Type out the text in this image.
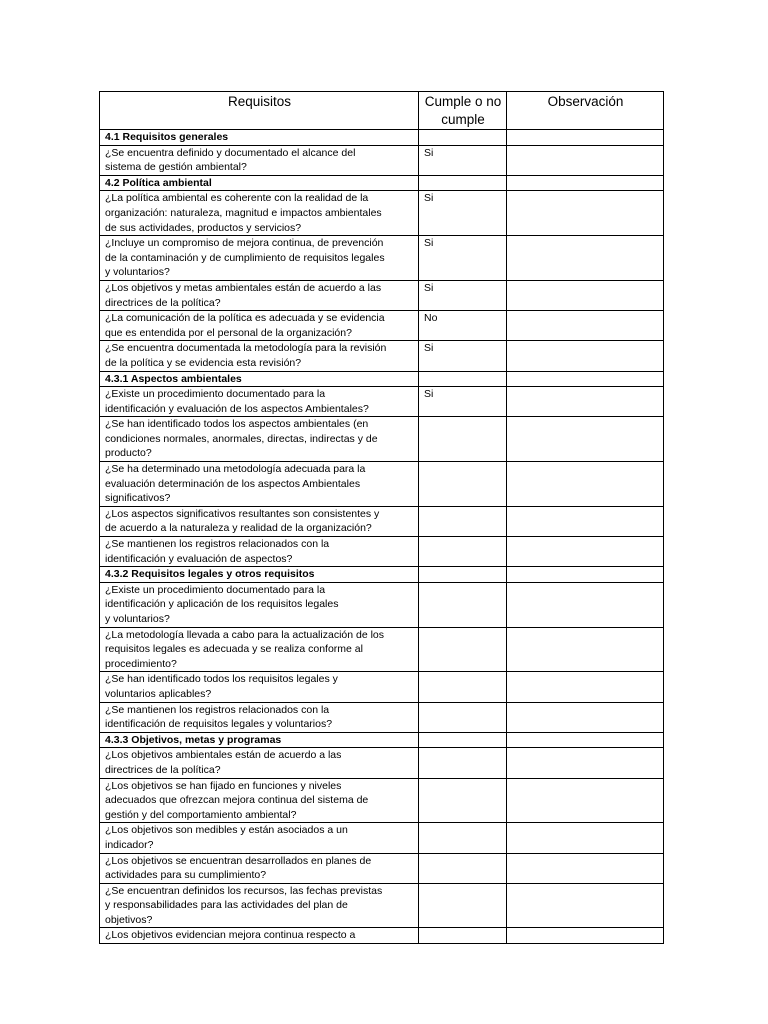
Requisitos	Cumple o no cumple	Observación

4.1 Requisitos generales		

¿Se encuentra definido y documentado el alcance del
sistema de gestión ambiental?	Si	

4.2 Política ambiental		

¿La política ambiental es coherente con la realidad de la
organización: naturaleza, magnitud e impactos ambientales
de sus actividades, productos y servicios?	Si	

¿Incluye un compromiso de mejora continua, de prevención
de la contaminación y de cumplimiento de requisitos legales
y voluntarios?	Si	

¿Los objetivos y metas ambientales están de acuerdo a las
directrices de la política?	Si	

¿La comunicación de la política es adecuada y se evidencia
que es entendida por el personal de la organización?	No	

¿Se encuentra documentada la metodología para la revisión
de la política y se evidencia esta revisión?	Si	

4.3.1 Aspectos ambientales		

¿Existe un procedimiento documentado para la
identificación y evaluación de los aspectos Ambientales?	Si	

¿Se han identificado todos los aspectos ambientales (en
condiciones normales, anormales, directas, indirectas y de
producto?		

¿Se ha determinado una metodología adecuada para la
evaluación determinación de los aspectos Ambientales
significativos?		

¿Los aspectos significativos resultantes son consistentes y
de acuerdo a la naturaleza y realidad de la organización?		

¿Se mantienen los registros relacionados con la
identificación y evaluación de aspectos?		

4.3.2 Requisitos legales y otros requisitos		

¿Existe un procedimiento documentado para la
identificación y aplicación de los requisitos legales
y voluntarios?		

¿La metodología llevada a cabo para la actualización de los
requisitos legales es adecuada y se realiza conforme al
procedimiento?		

¿Se han identificado todos los requisitos legales y
voluntarios aplicables?		

¿Se mantienen los registros relacionados con la
identificación de requisitos legales y voluntarios?		

4.3.3 Objetivos, metas y programas		

¿Los objetivos ambientales están de acuerdo a las
directrices de la política?		

¿Los objetivos se han fijado en funciones y niveles
adecuados que ofrezcan mejora continua del sistema de
gestión y del comportamiento ambiental?		

¿Los objetivos son medibles y están asociados a un
indicador?		

¿Los objetivos se encuentran desarrollados en planes de
actividades para su cumplimiento?		

¿Se encuentran definidos los recursos, las fechas previstas
y responsabilidades para las actividades del plan de
objetivos?		

¿Los objetivos evidencian mejora continua respecto a		
